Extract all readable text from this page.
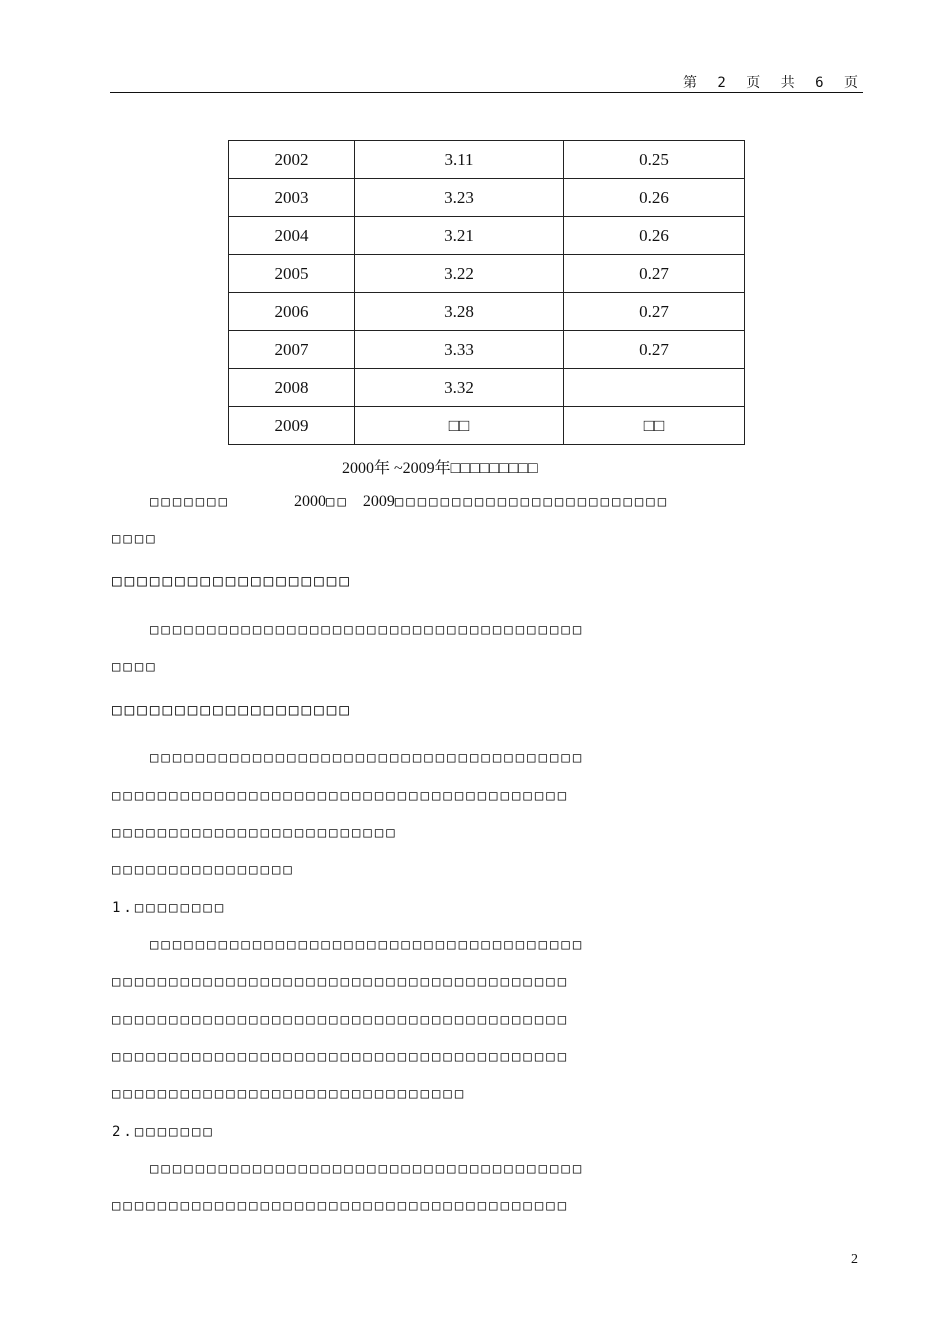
第 2 页 共 6 页
2002	3.11	0.25
2003	3.23	0.26
2004	3.21	0.26
2005	3.22	0.27
2006	3.28	0.27
2007	3.33	0.27
2008	3.32	
2009	□□	□□
2000年 ~2009年□□□□□□□□□
□□□□□□□	2000□□ 2009□□□□□□□□□□□□□□□□□□□□□□□□
□□□□
□□□□□□□□□□□□□□□□□□□
□□□□□□□□□□□□□□□□□□□□□□□□□□□□□□□□□□□□□□
□□□□
□□□□□□□□□□□□□□□□□□□
□□□□□□□□□□□□□□□□□□□□□□□□□□□□□□□□□□□□□□
□□□□□□□□□□□□□□□□□□□□□□□□□□□□□□□□□□□□□□□□
□□□□□□□□□□□□□□□□□□□□□□□□□
□□□□□□□□□□□□□□□□
1.□□□□□□□□
□□□□□□□□□□□□□□□□□□□□□□□□□□□□□□□□□□□□□□
□□□□□□□□□□□□□□□□□□□□□□□□□□□□□□□□□□□□□□□□
□□□□□□□□□□□□□□□□□□□□□□□□□□□□□□□□□□□□□□□□
□□□□□□□□□□□□□□□□□□□□□□□□□□□□□□□□□□□□□□□□
□□□□□□□□□□□□□□□□□□□□□□□□□□□□□□□
2.□□□□□□□
□□□□□□□□□□□□□□□□□□□□□□□□□□□□□□□□□□□□□□
□□□□□□□□□□□□□□□□□□□□□□□□□□□□□□□□□□□□□□□□
2
